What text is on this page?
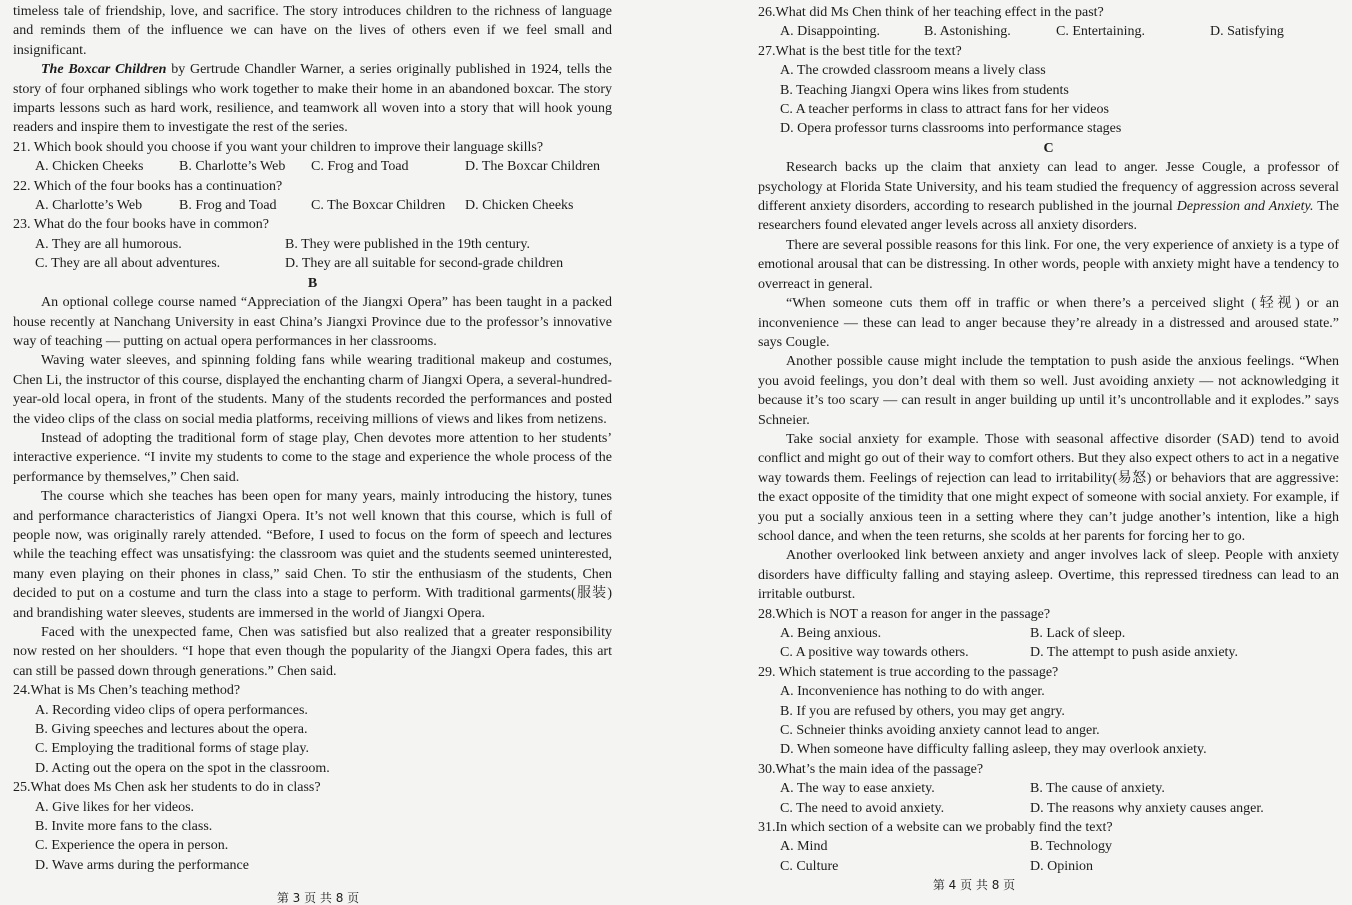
timeless tale of friendship, love, and sacrifice. The story introduces children to the richness of language and reminds them of the influence we can have on the lives of others even if we feel small and insignificant.

The Boxcar Children by Gertrude Chandler Warner, a series originally published in 1924, tells the story of four orphaned siblings who work together to make their home in an abandoned boxcar. The story imparts lessons such as hard work, resilience, and teamwork all woven into a story that will hook young readers and inspire them to investigate the rest of the series.

21. Which book should you choose if you want your children to improve their language skills?

A. Chicken Cheeks	B. Charlotte’s Web	C. Frog and Toad	D. The Boxcar Children

22. Which of the four books has a continuation?

A. Charlotte’s Web	B. Frog and Toad	C. The Boxcar Children	D. Chicken Cheeks

23. What do the four books have in common?

A. They are all humorous.	B. They were published in the 19th century.
C. They are all about adventures.	D. They are all suitable for second-grade children

B

An optional college course named “Appreciation of the Jiangxi Opera” has been taught in a packed house recently at Nanchang University in east China’s Jiangxi Province due to the professor’s innovative way of teaching — putting on actual opera performances in her classrooms.

Waving water sleeves, and spinning folding fans while wearing traditional makeup and costumes, Chen Li, the instructor of this course, displayed the enchanting charm of Jiangxi Opera, a several-hundred-year-old local opera, in front of the students. Many of the students recorded the performances and posted the video clips of the class on social media platforms, receiving millions of views and likes from netizens.

Instead of adopting the traditional form of stage play, Chen devotes more attention to her students’ interactive experience. “I invite my students to come to the stage and experience the whole process of the performance by themselves,” Chen said.

The course which she teaches has been open for many years, mainly introducing the history, tunes and performance characteristics of Jiangxi Opera. It’s not well known that this course, which is full of people now, was originally rarely attended. “Before, I used to focus on the form of speech and lectures while the teaching effect was unsatisfying: the classroom was quiet and the students seemed uninterested, many even playing on their phones in class,” said Chen. To stir the enthusiasm of the students, Chen decided to put on a costume and turn the class into a stage to perform. With traditional garments(服装) and brandishing water sleeves, students are immersed in the world of Jiangxi Opera.

Faced with the unexpected fame, Chen was satisfied but also realized that a greater responsibility now rested on her shoulders. “I hope that even though the popularity of the Jiangxi Opera fades, this art can still be passed down through generations.” Chen said.

24.What is Ms Chen’s teaching method?

A. Recording video clips of opera performances.
B. Giving speeches and lectures about the opera.
C. Employing the traditional forms of stage play.
D. Acting out the opera on the spot in the classroom.

25.What does Ms Chen ask her students to do in class?

A. Give likes for her videos.
B. Invite more fans to the class.
C. Experience the opera in person.
D. Wave arms during the performance
第 3 页 共 8 页

26.What did Ms Chen think of her teaching effect in the past?

A. Disappointing.	B. Astonishing.	C. Entertaining.	D. Satisfying

27.What is the best title for the text?

A. The crowded classroom means a lively class
B. Teaching Jiangxi Opera wins likes from students
C. A teacher performs in class to attract fans for her videos
D. Opera professor turns classrooms into performance stages

C

Research backs up the claim that anxiety can lead to anger. Jesse Cougle, a professor of psychology at Florida State University, and his team studied the frequency of aggression across several different anxiety disorders, according to research published in the journal Depression and Anxiety. The researchers found elevated anger levels across all anxiety disorders.

There are several possible reasons for this link. For one, the very experience of anxiety is a type of emotional arousal that can be distressing. In other words, people with anxiety might have a tendency to overreact in general.

“When someone cuts them off in traffic or when there’s a perceived slight (轻视) or an inconvenience — these can lead to anger because they’re already in a distressed and aroused state.” says Cougle.

Another possible cause might include the temptation to push aside the anxious feelings. “When you avoid feelings, you don’t deal with them so well. Just avoiding anxiety — not acknowledging it because it’s too scary — can result in anger building up until it’s uncontrollable and it explodes.” says Schneier.

Take social anxiety for example. Those with seasonal affective disorder (SAD) tend to avoid conflict and might go out of their way to comfort others. But they also expect others to act in a negative way towards them. Feelings of rejection can lead to irritability(易怒) or behaviors that are aggressive: the exact opposite of the timidity that one might expect of someone with social anxiety. For example, if you put a socially anxious teen in a setting where they can’t judge another’s intention, like a high school dance, and when the teen returns, she scolds at her parents for forcing her to go.

Another overlooked link between anxiety and anger involves lack of sleep. People with anxiety disorders have difficulty falling and staying asleep. Overtime, this repressed tiredness can lead to an irritable outburst.

28.Which is NOT a reason for anger in the passage?

A. Being anxious.	B. Lack of sleep.
C. A positive way towards others.	D. The attempt to push aside anxiety.

29. Which statement is true according to the passage?

A. Inconvenience has nothing to do with anger.
B. If you are refused by others, you may get angry.
C. Schneier thinks avoiding anxiety cannot lead to anger.
D. When someone have difficulty falling asleep, they may overlook anxiety.

30.What’s the main idea of the passage?

A. The way to ease anxiety.	B. The cause of anxiety.
C. The need to avoid anxiety.	D. The reasons why anxiety causes anger.

31.In which section of a website can we probably find the text?

A. Mind	B. Technology
C. Culture	D. Opinion
第 4 页 共 8 页
